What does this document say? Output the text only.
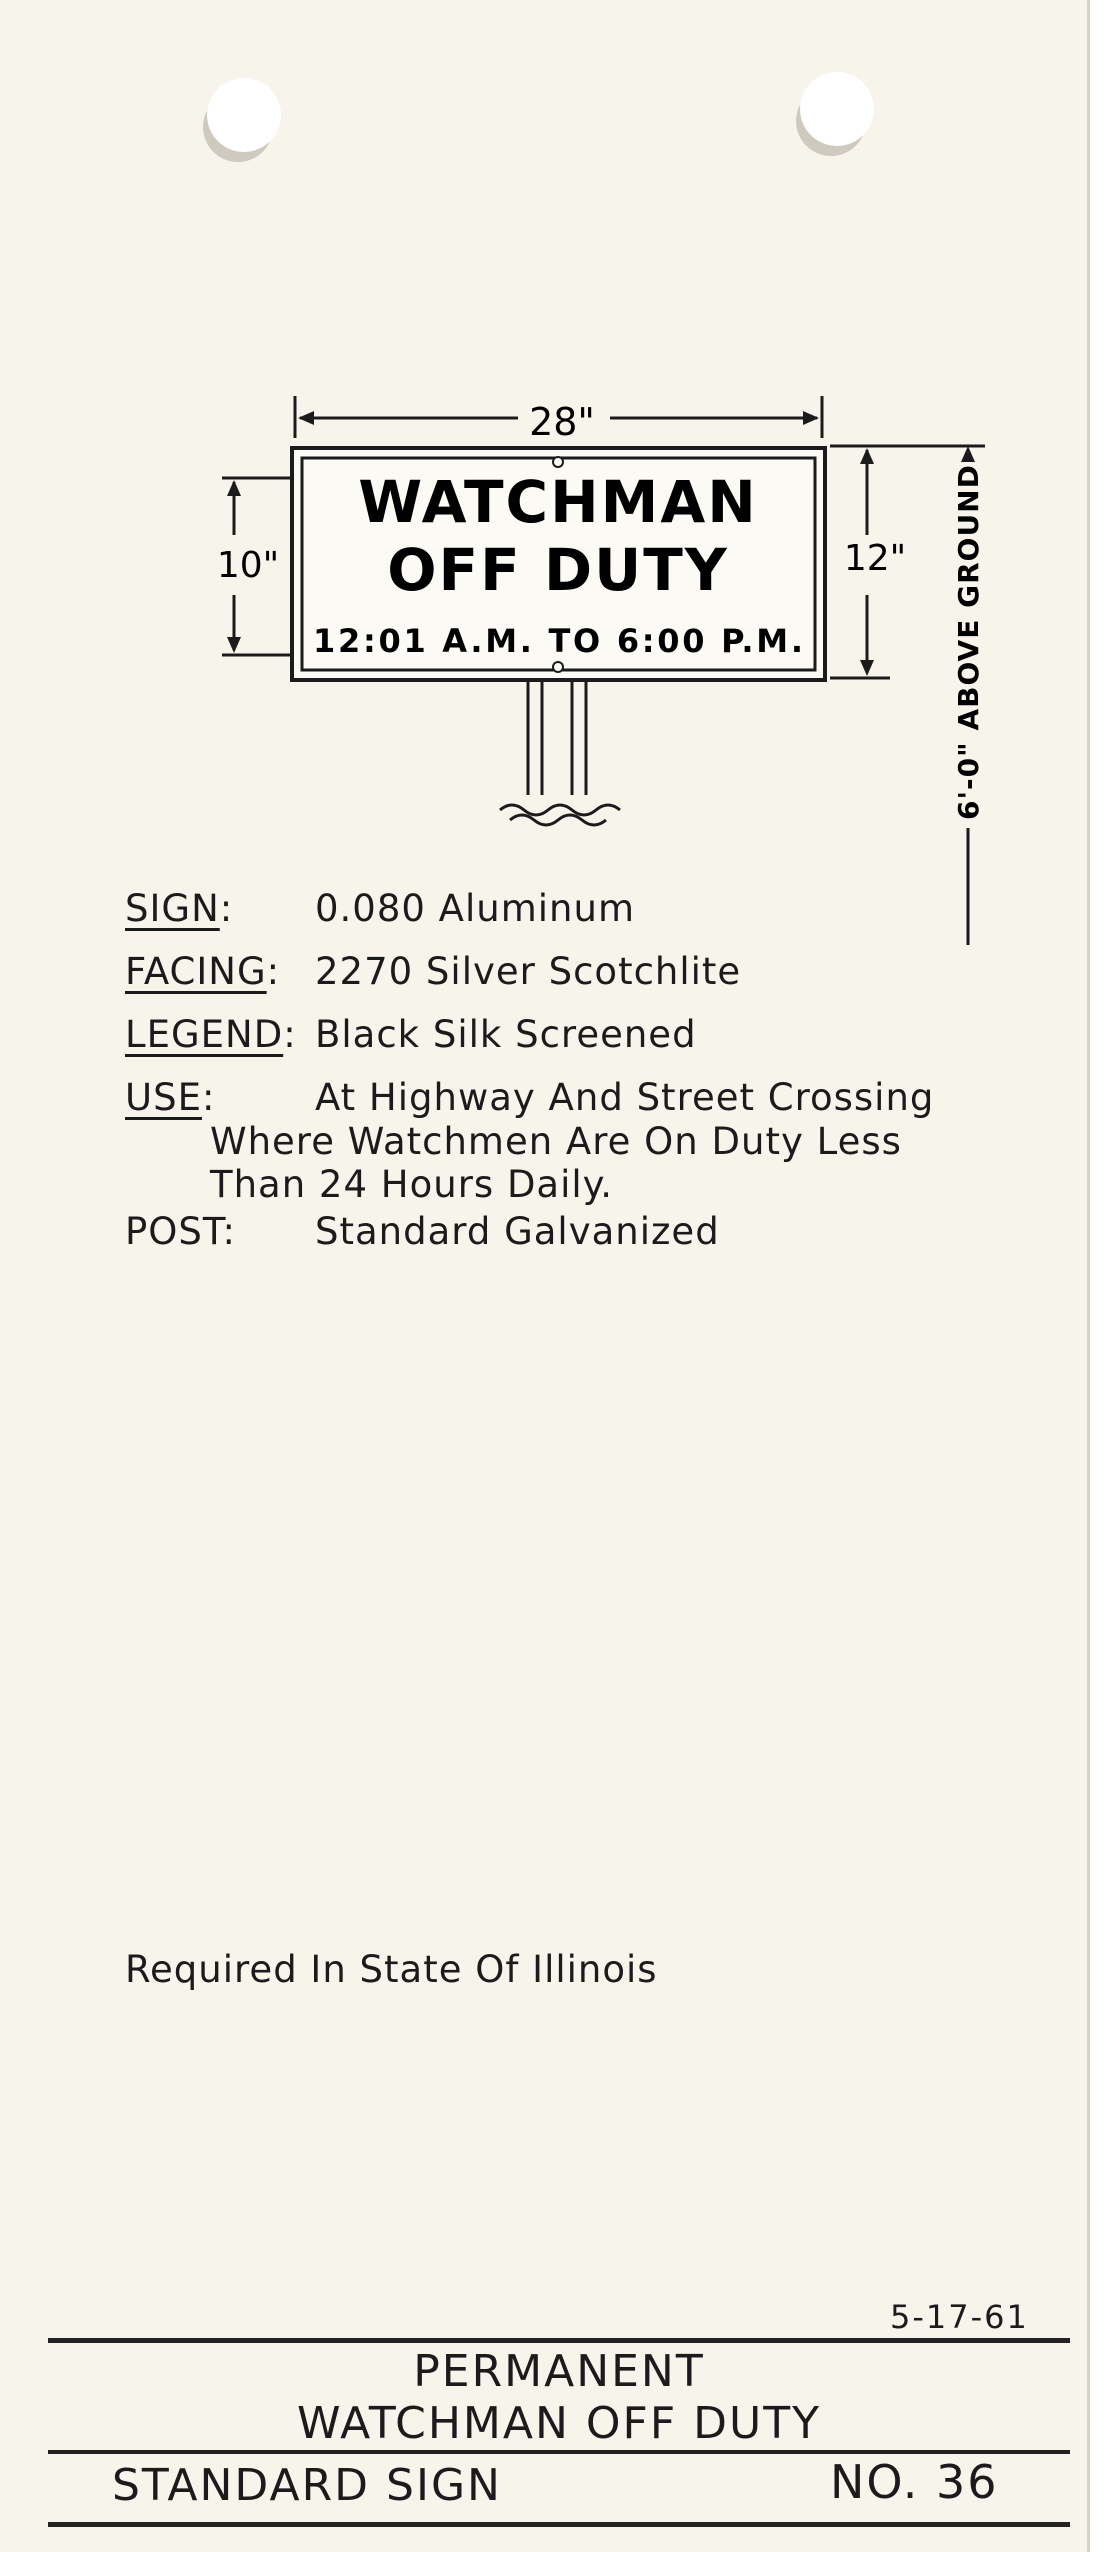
28"
10"	12" 6'-0" ABOVE GROUND
WATCHMAN
OFF DUTY
12:01 A.M. TO 6:00 P.M.
SIGN: 0.080 Aluminum
FACING: 2270 Silver Scotchlite
LEGEND: Black Silk Screened
USE:	At Highway And Street Crossing
Where Watchmen Are On Duty Less
Than 24 Hours Daily.
POST: Standard Galvanized
Required In State Of Illinois
5-17-61
PERMANENT
WATCHMAN OFF DUTY
STANDARD SIGN	NO. 36
